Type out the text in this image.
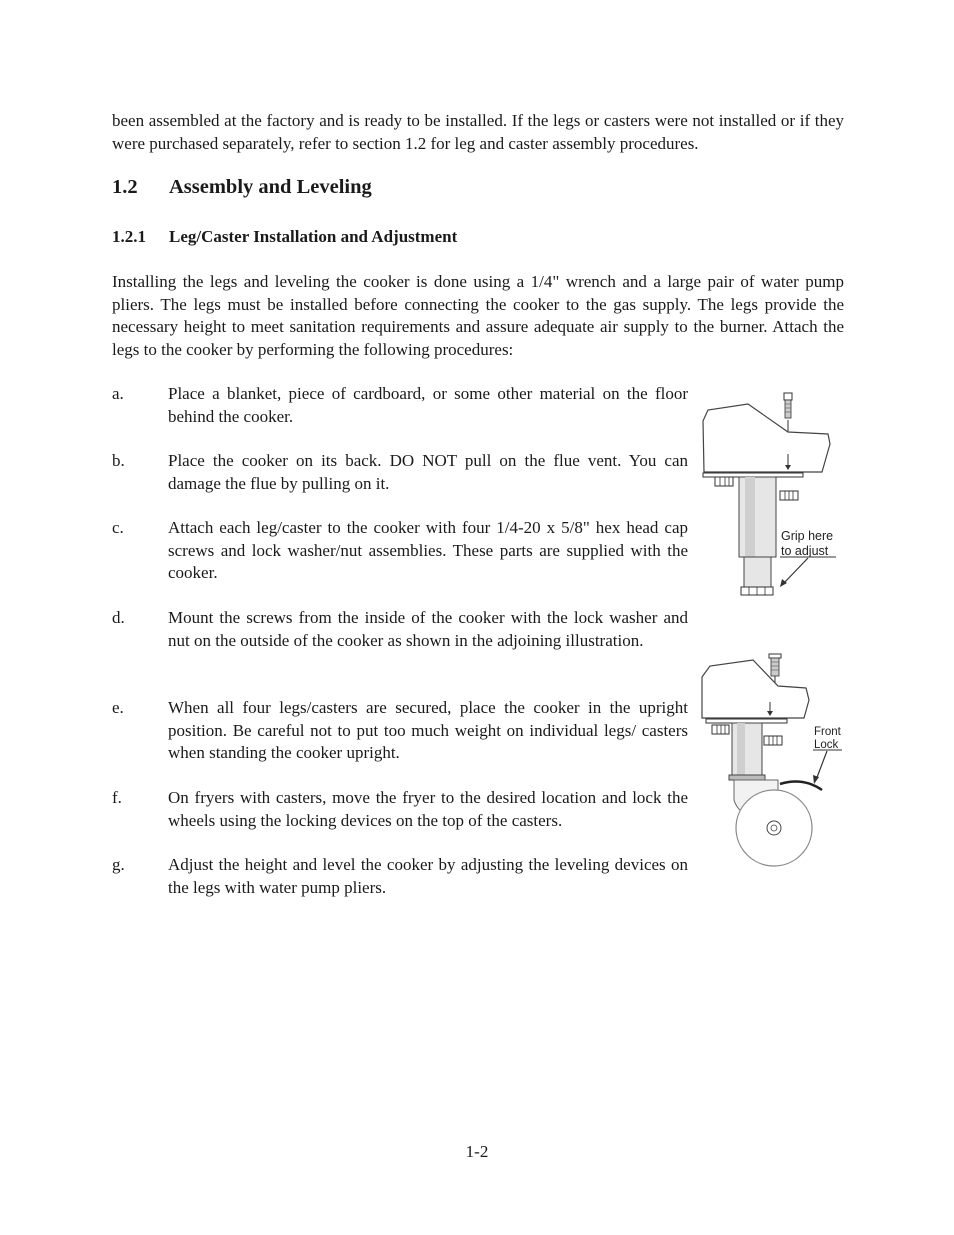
been assembled at the factory and is ready to be installed. If the legs or casters were not installed or if they were purchased separately, refer to section 1.2 for leg and caster assembly procedures.

1.2 Assembly and Leveling
1.2.1 Leg/Caster Installation and Adjustment

Installing the legs and leveling the cooker is done using a 1/4" wrench and a large pair of water pump pliers. The legs must be installed before connecting the cooker to the gas supply. The legs provide the necessary height to meet sanitation requirements and assure adequate air supply to the burner. Attach the legs to the cooker by performing the following procedures:

a.	Place a blanket, piece of cardboard, or some other material on the floor behind the cooker.
b.	Place the cooker on its back. DO NOT pull on the flue vent. You can damage the flue by pulling on it.
c.	Attach each leg/caster to the cooker with four 1/4-20 x 5/8" hex head cap screws and lock washer/nut assemblies. These parts are supplied with the cooker.
d.	Mount the screws from the inside of the cooker with the lock washer and nut on the outside of the cooker as shown in the adjoining illustration.
e.	When all four legs/casters are secured, place the cooker in the upright position. Be careful not to put too much weight on individual legs/ casters when standing the cooker upright.
f.	On fryers with casters, move the fryer to the desired location and lock the wheels using the locking devices on the top of the casters.
g.	Adjust the height and level the cooker by adjusting the leveling devices on the legs with water pump pliers.
Grip here
to adjust
Front
Lock
1-2
